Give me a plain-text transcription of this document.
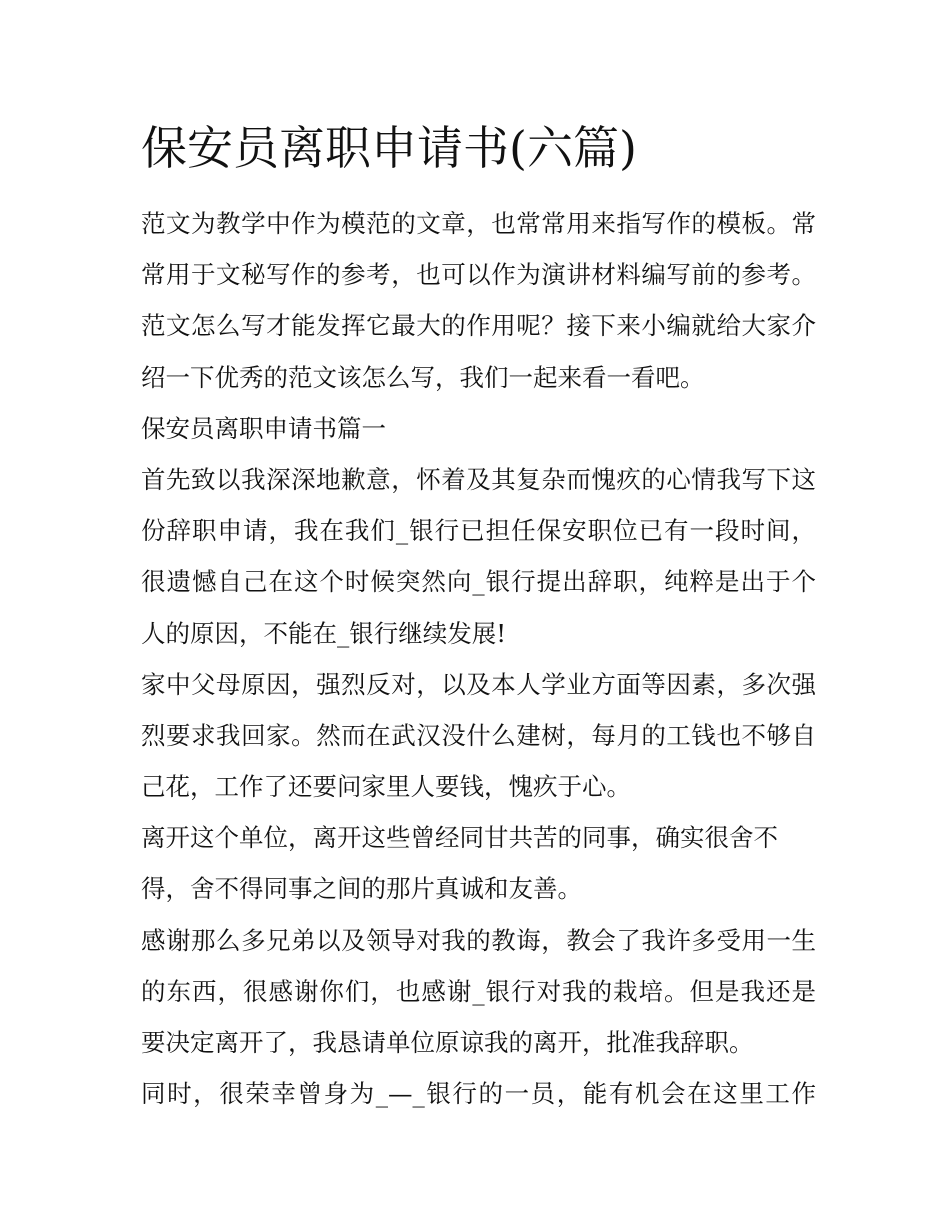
保安员离职申请书(六篇)
范文为教学中作为模范的文章，也常常用来指写作的模板。常
常用于文秘写作的参考，也可以作为演讲材料编写前的参考。
范文怎么写才能发挥它最大的作用呢？接下来小编就给大家介
绍一下优秀的范文该怎么写，我们一起来看一看吧。
保安员离职申请书篇一
首先致以我深深地歉意，怀着及其复杂而愧疚的心情我写下这
份辞职申请，我在我们_银行已担任保安职位已有一段时间，
很遗憾自己在这个时候突然向_银行提出辞职，纯粹是出于个
人的原因，不能在_银行继续发展!
家中父母原因，强烈反对，以及本人学业方面等因素，多次强
烈要求我回家。然而在武汉没什么建树，每月的工钱也不够自
己花，工作了还要问家里人要钱，愧疚于心。
离开这个单位，离开这些曾经同甘共苦的同事，确实很舍不
得，舍不得同事之间的那片真诚和友善。
感谢那么多兄弟以及领导对我的教诲，教会了我许多受用一生
的东西，很感谢你们，也感谢_银行对我的栽培。但是我还是
要决定离开了，我恳请单位原谅我的离开，批准我辞职。
同时，很荣幸曾身为_—_银行的一员，能有机会在这里工作
